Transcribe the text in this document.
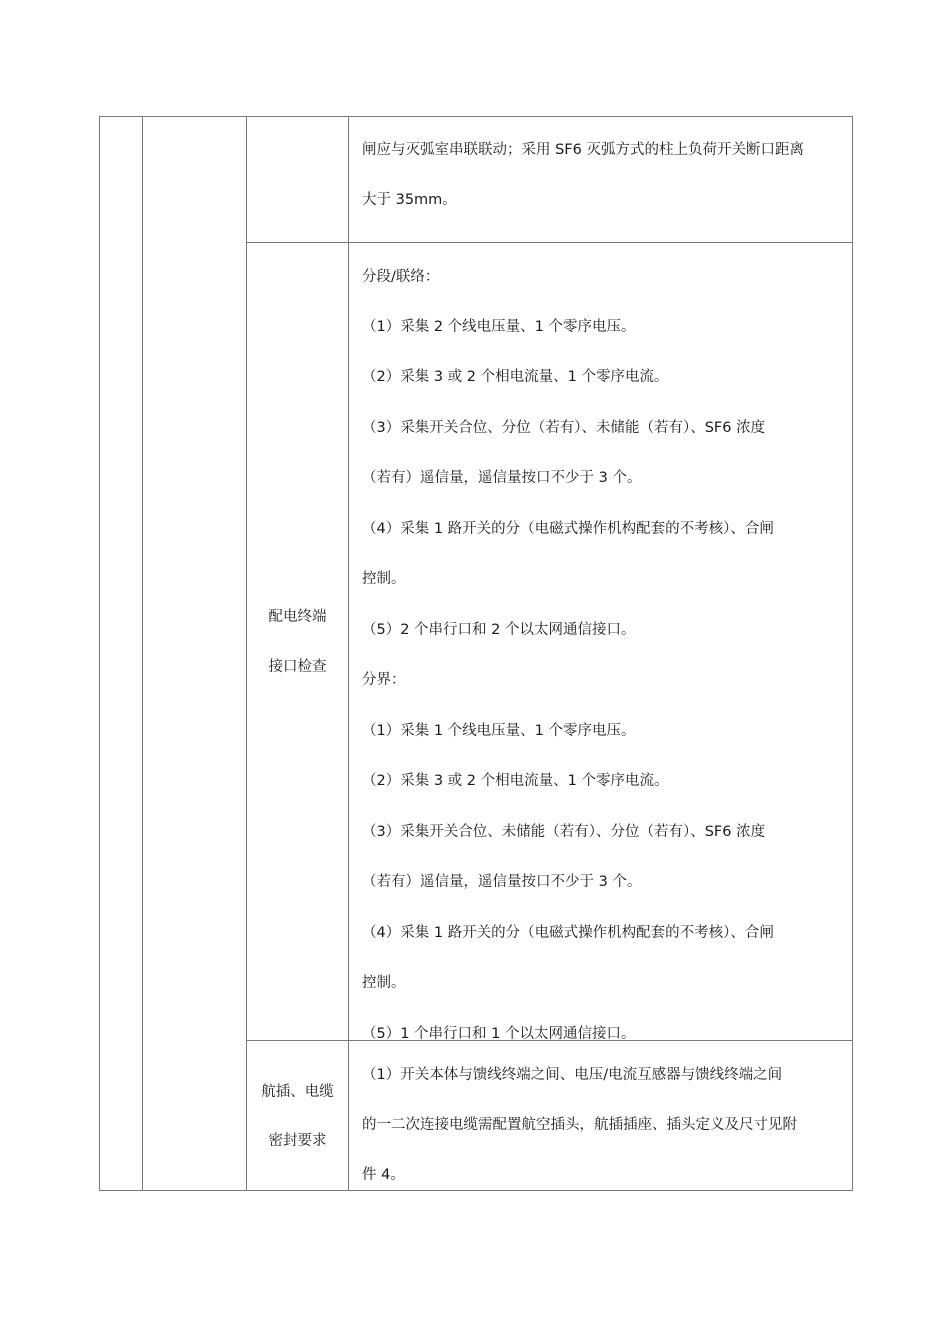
闸应与灭弧室串联联动；采用 SF6 灭弧方式的柱上负荷开关断口距离
大于 35mm。
配电终端
接口检查
分段/联络：
（1）采集 2 个线电压量、1 个零序电压。
（2）采集 3 或 2 个相电流量、1 个零序电流。
（3）采集开关合位、分位（若有）、未储能（若有）、SF6 浓度
（若有）遥信量，遥信量按口不少于 3 个。
（4）采集 1 路开关的分（电磁式操作机构配套的不考核）、合闸
控制。
（5）2 个串行口和 2 个以太网通信接口。
分界：
（1）采集 1 个线电压量、1 个零序电压。
（2）采集 3 或 2 个相电流量、1 个零序电流。
（3）采集开关合位、未储能（若有）、分位（若有）、SF6 浓度
（若有）遥信量，遥信量按口不少于 3 个。
（4）采集 1 路开关的分（电磁式操作机构配套的不考核）、合闸
控制。
（5）1 个串行口和 1 个以太网通信接口。
航插、电缆
密封要求
（1）开关本体与馈线终端之间、电压/电流互感器与馈线终端之间
的一二次连接电缆需配置航空插头，航插插座、插头定义及尺寸见附
件 4。
